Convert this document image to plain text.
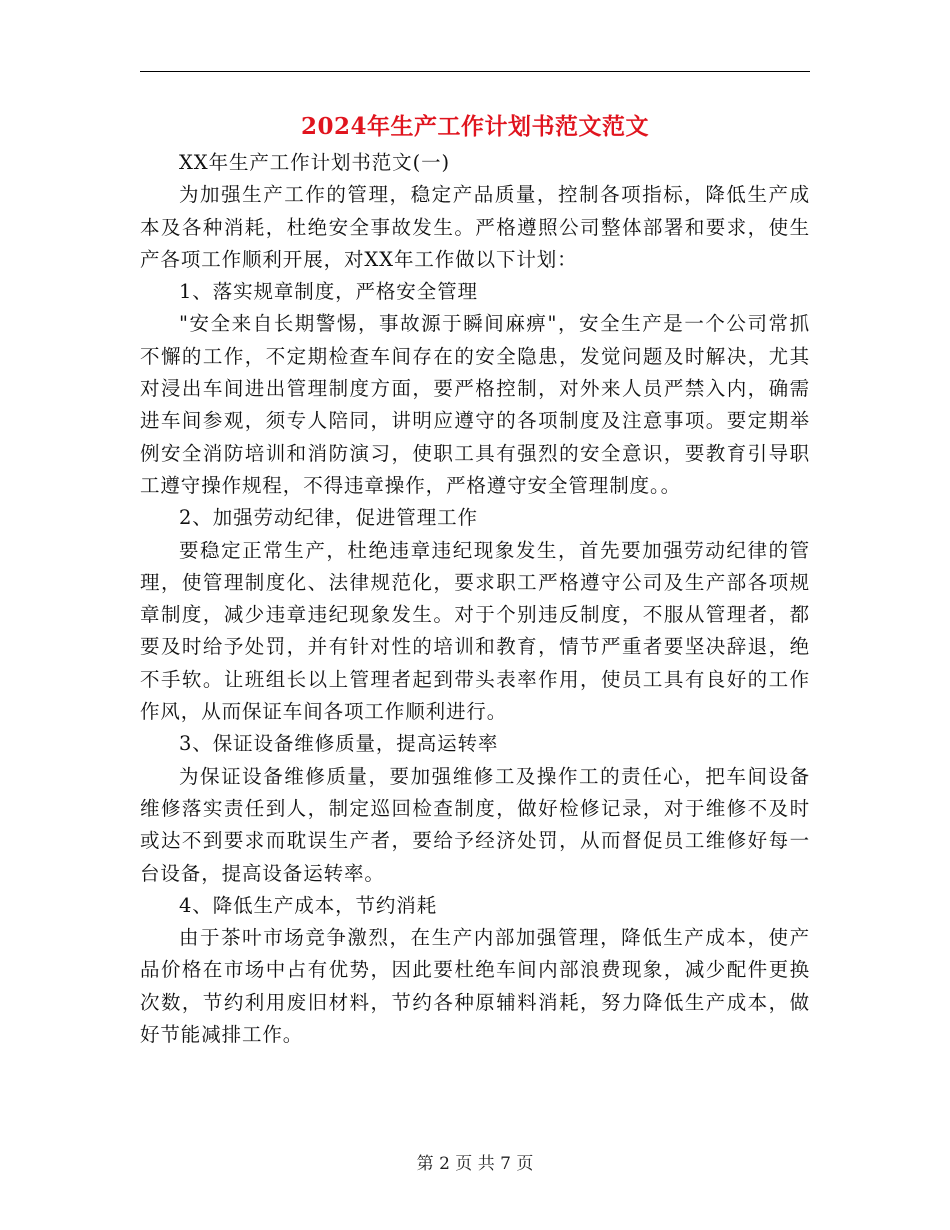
2024年生产工作计划书范文范文

XX年生产工作计划书范文(一)

为加强生产工作的管理，稳定产品质量，控制各项指标，降低生产成本及各种消耗，杜绝安全事故发生。严格遵照公司整体部署和要求，使生产各项工作顺利开展，对XX年工作做以下计划：

1、落实规章制度，严格安全管理

"安全来自长期警惕，事故源于瞬间麻痹"，安全生产是一个公司常抓不懈的工作，不定期检查车间存在的安全隐患，发觉问题及时解决，尤其对浸出车间进出管理制度方面，要严格控制，对外来人员严禁入内，确需进车间参观，须专人陪同，讲明应遵守的各项制度及注意事项。要定期举例安全消防培训和消防演习，使职工具有强烈的安全意识，要教育引导职工遵守操作规程，不得违章操作，严格遵守安全管理制度。。

2、加强劳动纪律，促进管理工作

要稳定正常生产，杜绝违章违纪现象发生，首先要加强劳动纪律的管理，使管理制度化、法律规范化，要求职工严格遵守公司及生产部各项规章制度，减少违章违纪现象发生。对于个别违反制度，不服从管理者，都要及时给予处罚，并有针对性的培训和教育，情节严重者要坚决辞退，绝不手软。让班组长以上管理者起到带头表率作用，使员工具有良好的工作作风，从而保证车间各项工作顺利进行。

3、保证设备维修质量，提高运转率

为保证设备维修质量，要加强维修工及操作工的责任心，把车间设备维修落实责任到人，制定巡回检查制度，做好检修记录，对于维修不及时或达不到要求而耽误生产者，要给予经济处罚，从而督促员工维修好每一台设备，提高设备运转率。

4、降低生产成本，节约消耗

由于茶叶市场竞争激烈，在生产内部加强管理，降低生产成本，使产品价格在市场中占有优势，因此要杜绝车间内部浪费现象，减少配件更换次数，节约利用废旧材料，节约各种原辅料消耗，努力降低生产成本，做好节能减排工作。

第 2 页 共 7 页
